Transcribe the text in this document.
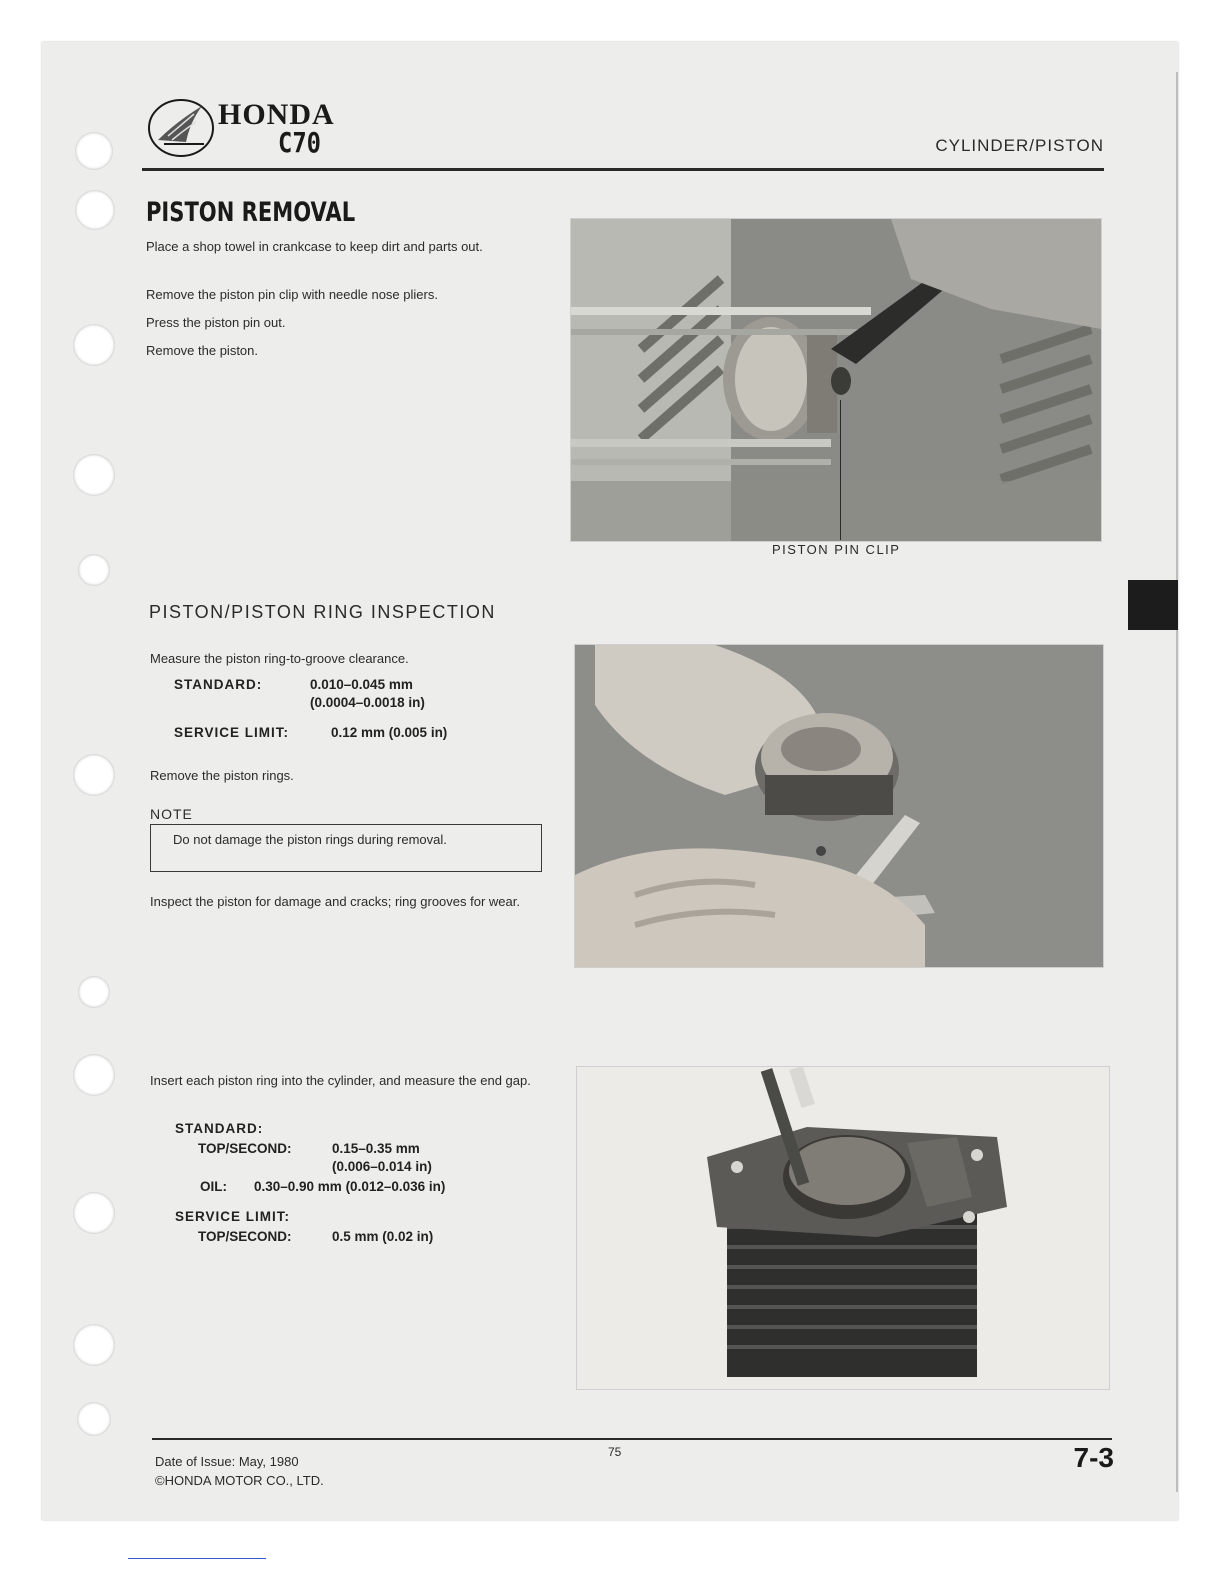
HONDA
C70	CYLINDER/PISTON
PISTON REMOVAL
Place a shop towel in crankcase to keep dirt and parts out.
Remove the piston pin clip with needle nose pliers.
Press the piston pin out.
Remove the piston.
PISTON PIN CLIP
PISTON/PISTON RING INSPECTION
Measure the piston ring-to-groove clearance.
STANDARD:	0.010–0.045 mm
(0.0004–0.0018 in)
SERVICE LIMIT:	0.12 mm (0.005 in)
Remove the piston rings.
NOTE
Do not damage the piston rings during removal.
Inspect the piston for damage and cracks; ring grooves for wear.
Insert each piston ring into the cylinder, and measure the end gap.
STANDARD:
TOP/SECOND:	0.15–0.35 mm
(0.006–0.014 in)
OIL: 0.30–0.90 mm (0.012–0.036 in)
SERVICE LIMIT:
TOP/SECOND:	0.5 mm (0.02 in)
Date of Issue: May, 1980
©HONDA MOTOR CO., LTD.
75	7-3
